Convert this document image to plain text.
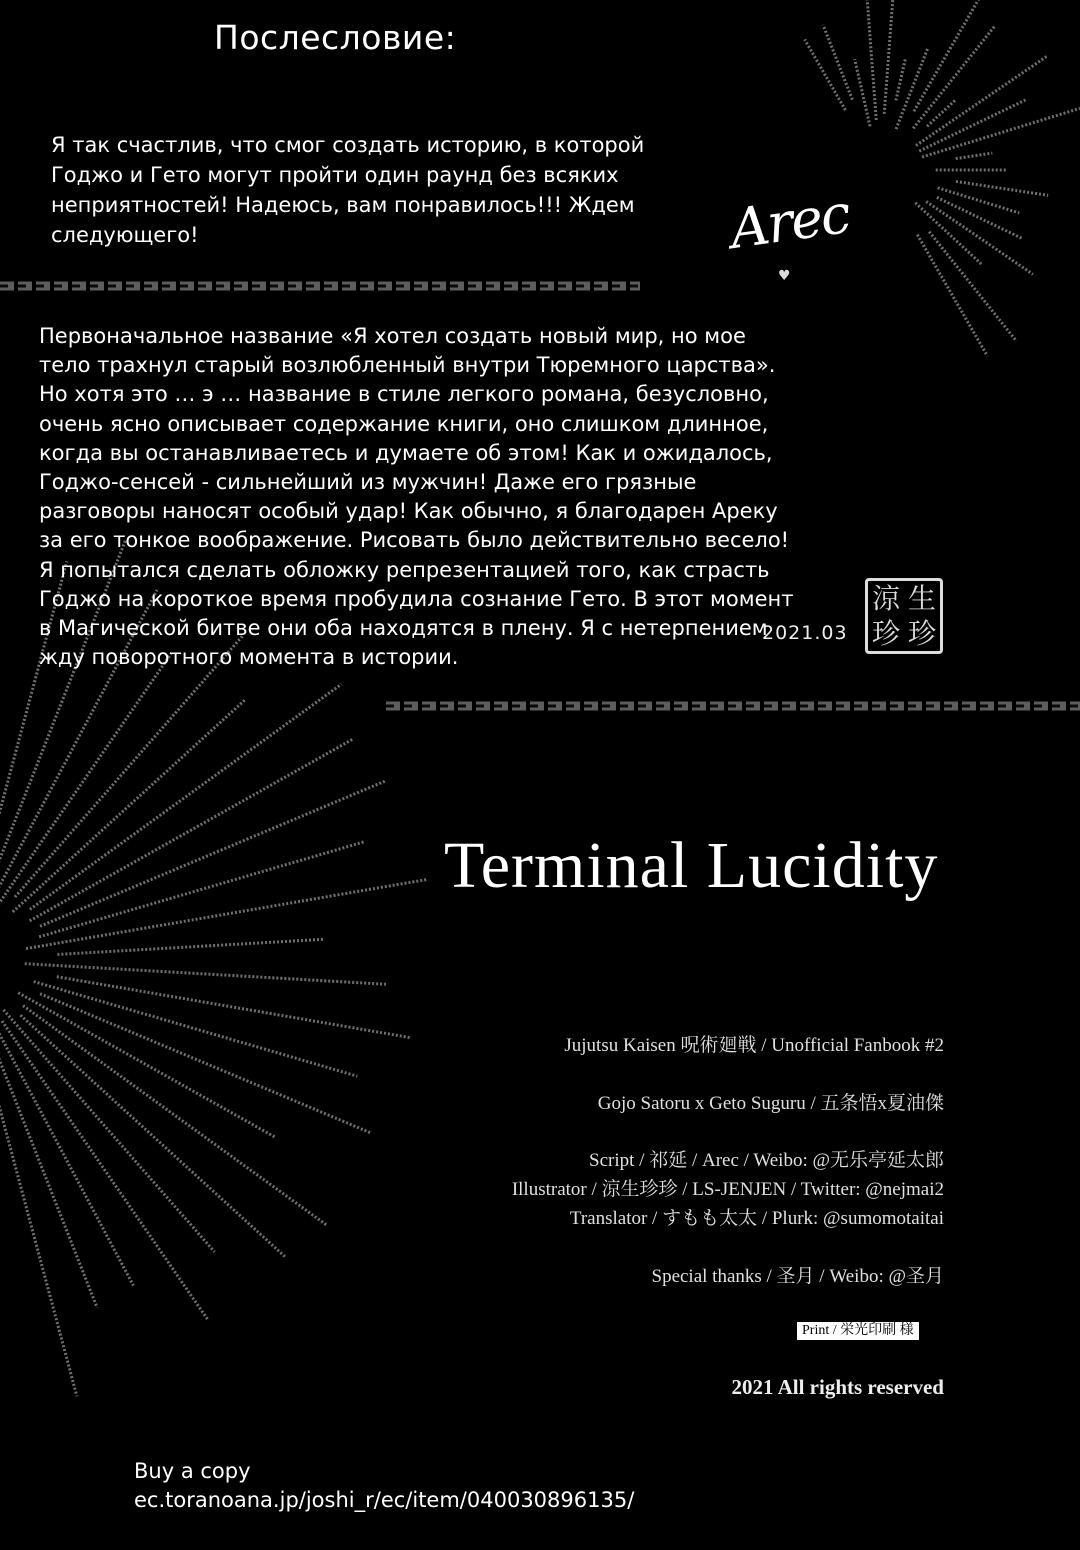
Послесловие:

Я так счастлив, что смог создать историю, в которой Годжо и Гето могут пройти один раунд без всяких неприятностей! Надеюсь, вам понравилось!!! Ждем следующего!	Arec
♥

Первоначальное название «Я хотел создать новый мир, но мое тело трахнул старый возлюбленный внутри Тюремного царства». Но хотя это … э … название в стиле легкого романа, безусловно, очень ясно описывает содержание книги, оно слишком длинное, когда вы останавливаетесь и думаете об этом! Как и ожидалось, Годжо-сенсей - сильнейший из мужчин! Даже его грязные разговоры наносят особый удар! Как обычно, я благодарен Ареку за его тонкое воображение. Рисовать было действительно весело! Я попытался сделать обложку репрезентацией того, как страсть Годжо на короткое время пробудила сознание Гето. В этот момент в Магической битве они оба находятся в плену. Я с нетерпением жду поворотного момента в истории.

2021.03
涼 生
珍 珍
Terminal Lucidity
Jujutsu Kaisen 呪術廻戦 / Unofficial Fanbook #2
Gojo Satoru x Geto Suguru / 五条悟x夏油傑
Script / 祁延 / Arec / Weibo: @无乐亭延太郎
Illustrator / 涼生珍珍 / LS-JENJEN / Twitter: @nejmai2
Translator / すもも太太 / Plurk: @sumomotaitai
Special thanks / 圣月 / Weibo: @圣月
Print / 栄光印刷 様
2021 All rights reserved
Buy a copy
ec.toranoana.jp/joshi_r/ec/item/040030896135/
